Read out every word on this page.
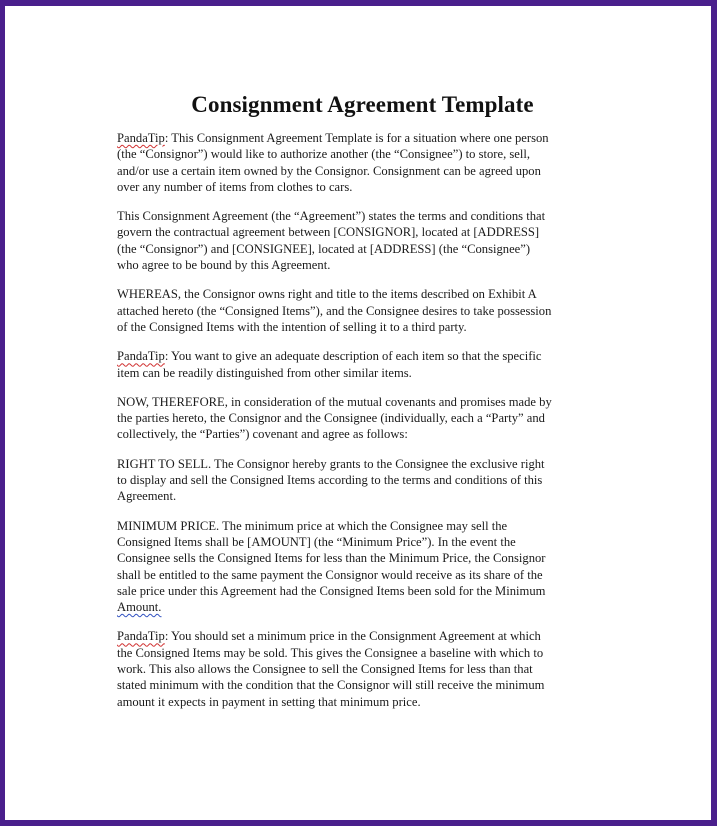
Consignment Agreement Template

PandaTip: This Consignment Agreement Template is for a situation where one person
(the “Consignor”) would like to authorize another (the “Consignee”) to store, sell,
and/or use a certain item owned by the Consignor. Consignment can be agreed upon
over any number of items from clothes to cars.

This Consignment Agreement (the “Agreement”) states the terms and conditions that
govern the contractual agreement between [CONSIGNOR], located at [ADDRESS]
(the “Consignor”) and [CONSIGNEE], located at [ADDRESS] (the “Consignee”)
who agree to be bound by this Agreement.

WHEREAS, the Consignor owns right and title to the items described on Exhibit A
attached hereto (the “Consigned Items”), and the Consignee desires to take possession
of the Consigned Items with the intention of selling it to a third party.

PandaTip: You want to give an adequate description of each item so that the specific
item can be readily distinguished from other similar items.

NOW, THEREFORE, in consideration of the mutual covenants and promises made by
the parties hereto, the Consignor and the Consignee (individually, each a “Party” and
collectively, the “Parties”) covenant and agree as follows:

RIGHT TO SELL. The Consignor hereby grants to the Consignee the exclusive right
to display and sell the Consigned Items according to the terms and conditions of this
Agreement.

MINIMUM PRICE. The minimum price at which the Consignee may sell the
Consigned Items shall be [AMOUNT] (the “Minimum Price”). In the event the
Consignee sells the Consigned Items for less than the Minimum Price, the Consignor
shall be entitled to the same payment the Consignor would receive as its share of the
sale price under this Agreement had the Consigned Items been sold for the Minimum
Amount.

PandaTip: You should set a minimum price in the Consignment Agreement at which
the Consigned Items may be sold. This gives the Consignee a baseline with which to
work. This also allows the Consignee to sell the Consigned Items for less than that
stated minimum with the condition that the Consignor will still receive the minimum
amount it expects in payment in setting that minimum price.
